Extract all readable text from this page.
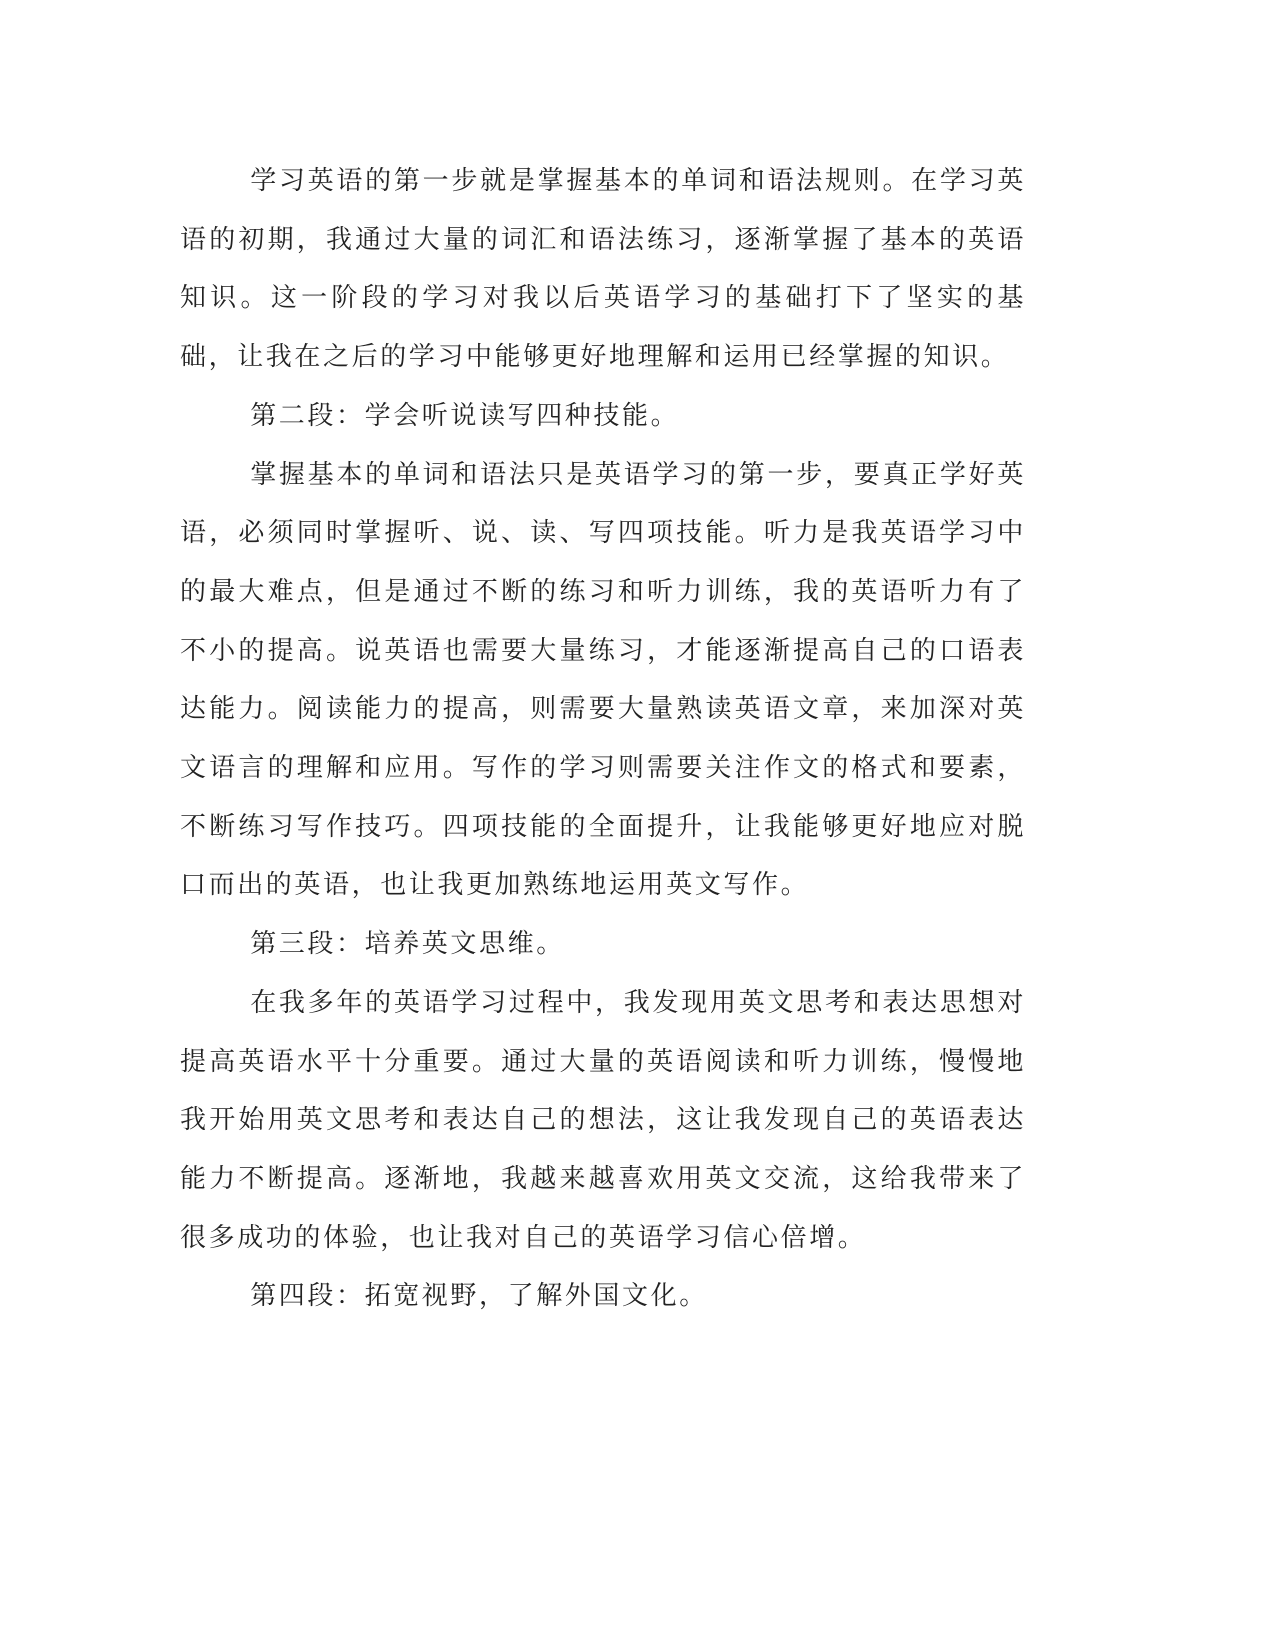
学习英语的第一步就是掌握基本的单词和语法规则。在学习英语的初期，我通过大量的词汇和语法练习，逐渐掌握了基本的英语知识。这一阶段的学习对我以后英语学习的基础打下了坚实的基础，让我在之后的学习中能够更好地理解和运用已经掌握的知识。

第二段：学会听说读写四种技能。

掌握基本的单词和语法只是英语学习的第一步，要真正学好英语，必须同时掌握听、说、读、写四项技能。听力是我英语学习中的最大难点，但是通过不断的练习和听力训练，我的英语听力有了不小的提高。说英语也需要大量练习，才能逐渐提高自己的口语表达能力。阅读能力的提高，则需要大量熟读英语文章，来加深对英文语言的理解和应用。写作的学习则需要关注作文的格式和要素，不断练习写作技巧。四项技能的全面提升，让我能够更好地应对脱口而出的英语，也让我更加熟练地运用英文写作。

第三段：培养英文思维。

在我多年的英语学习过程中，我发现用英文思考和表达思想对提高英语水平十分重要。通过大量的英语阅读和听力训练，慢慢地我开始用英文思考和表达自己的想法，这让我发现自己的英语表达能力不断提高。逐渐地，我越来越喜欢用英文交流，这给我带来了很多成功的体验，也让我对自己的英语学习信心倍增。

第四段：拓宽视野，了解外国文化。
